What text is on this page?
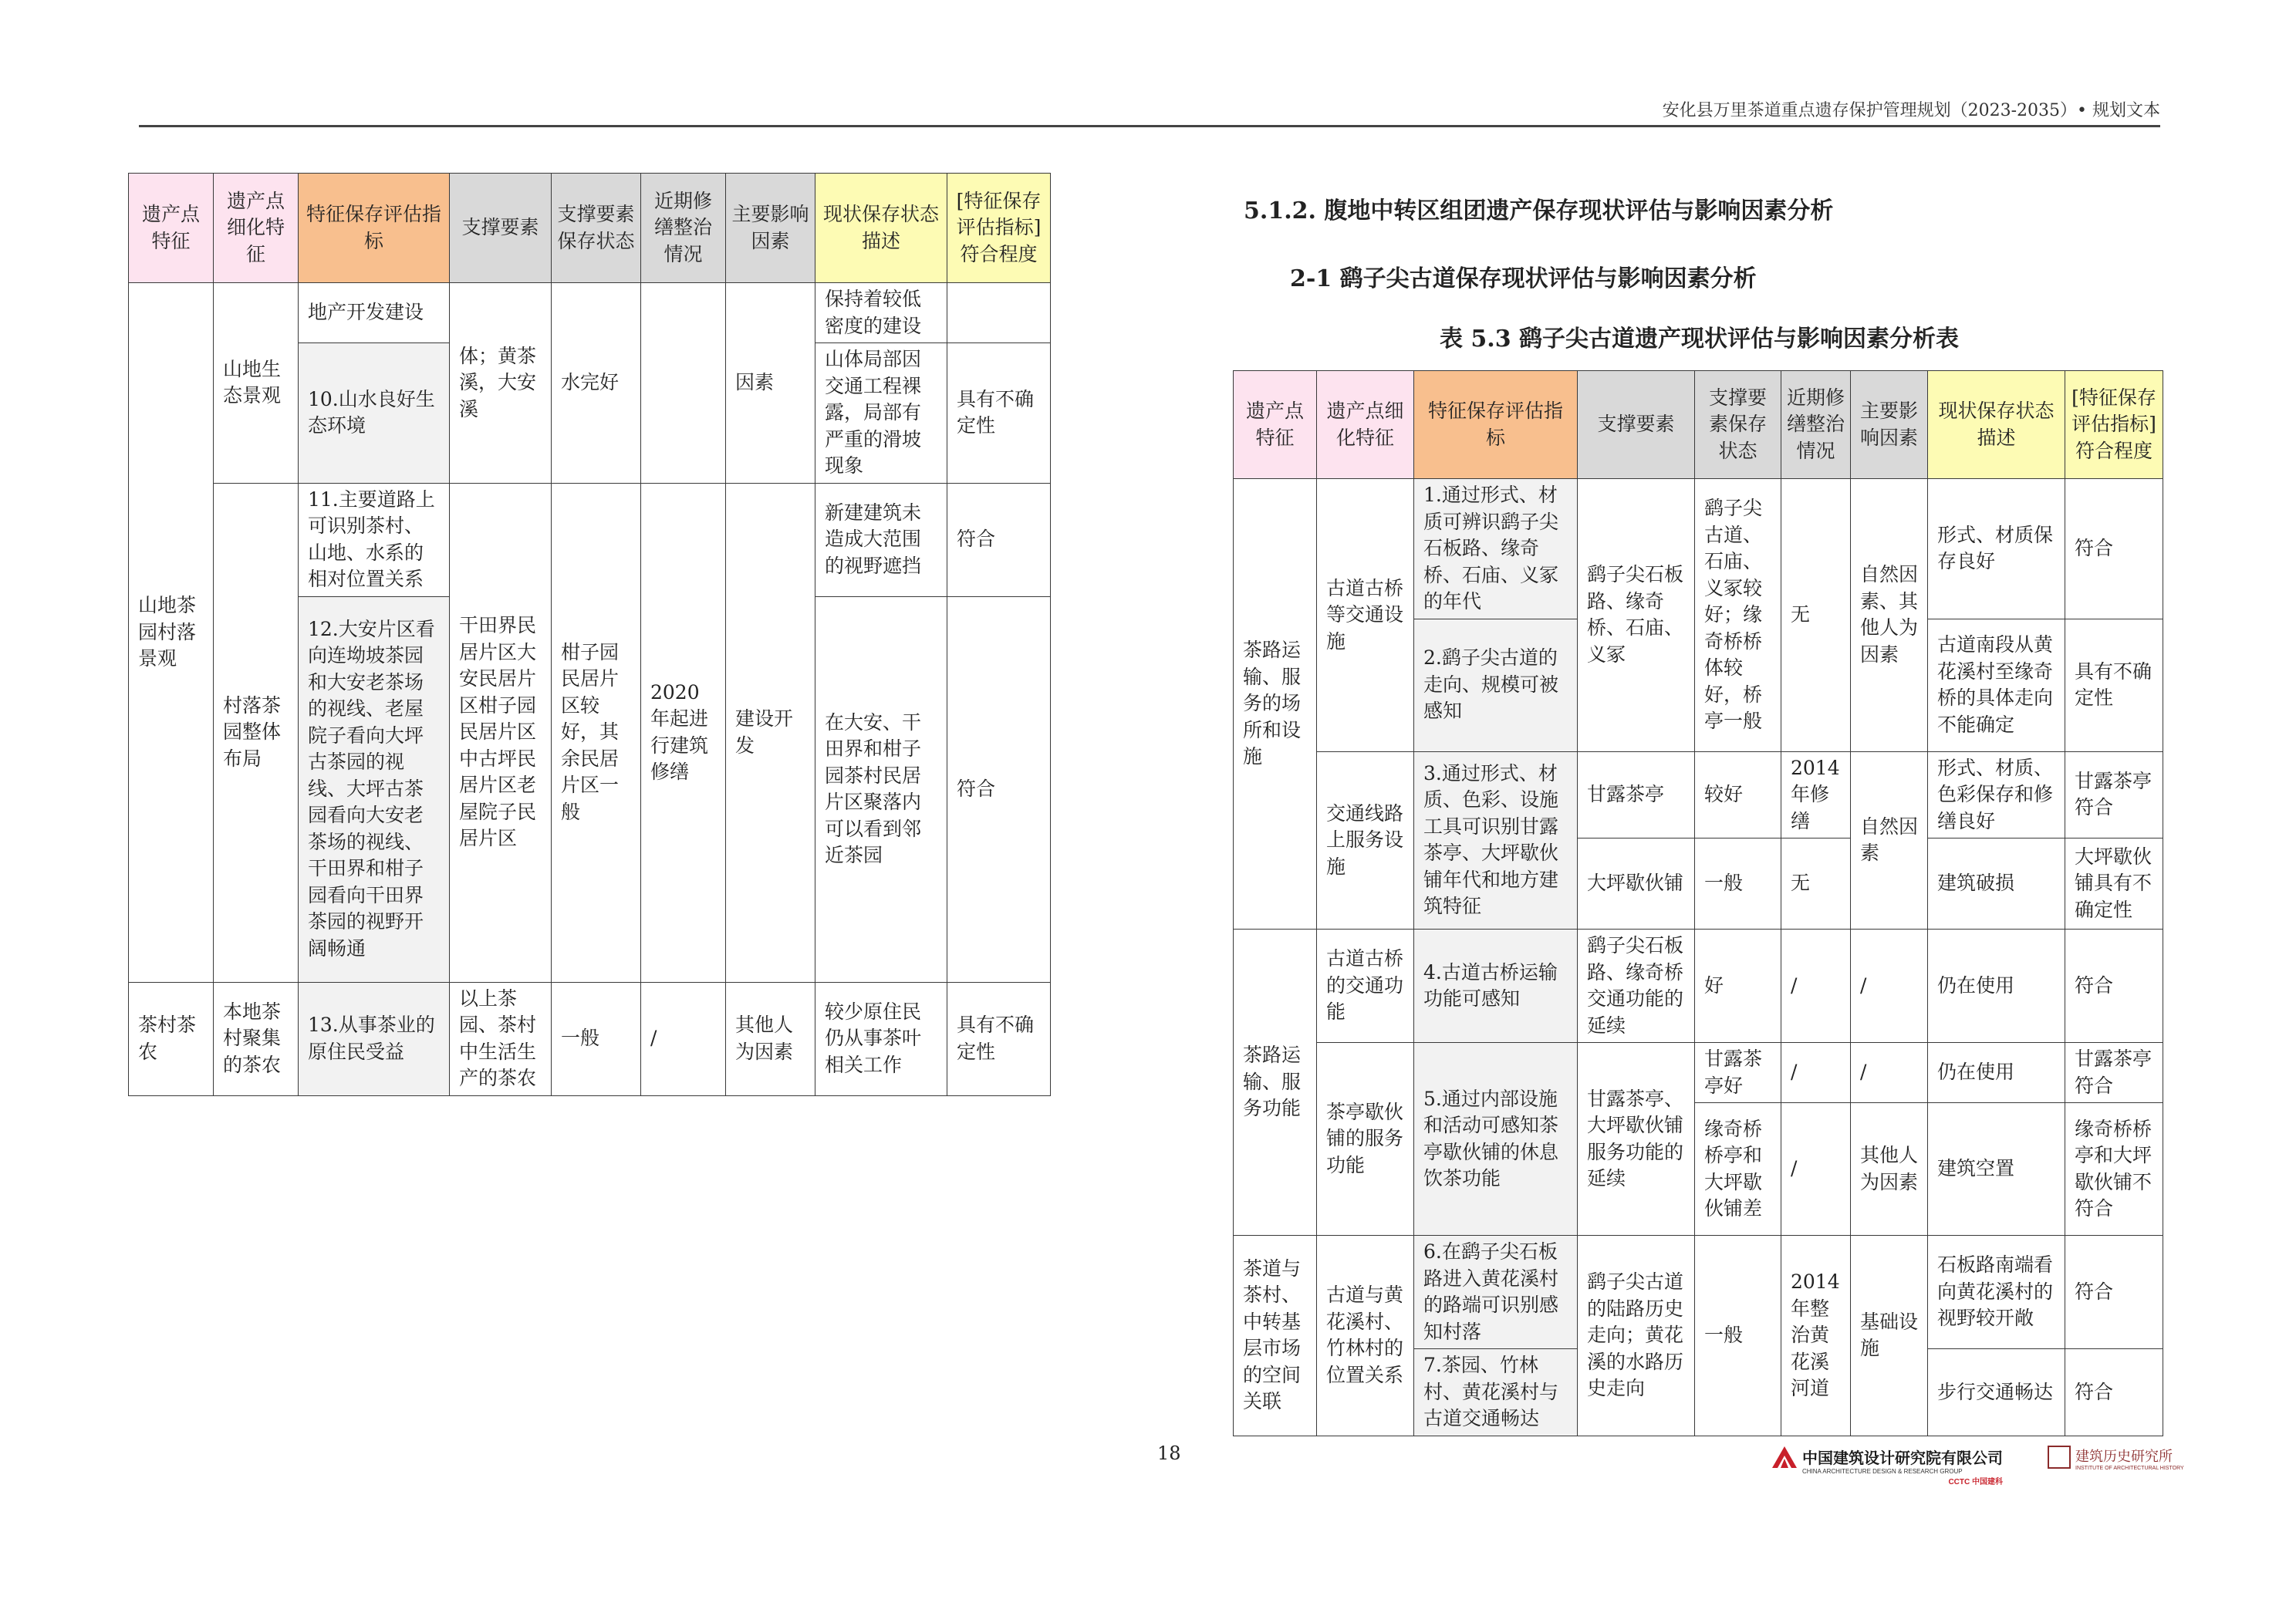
安化县万里茶道重点遗存保护管理规划（2023-2035）• 规划文本
遗产点特征	遗产点细化特征	特征保存评估指标	支撑要素	支撑要素保存状态	近期修缮整治情况	主要影响因素	现状保存状态描述	[特征保存评估指标]符合程度
山地茶园村落景观	山地生态景观	地产开发建设	体；黄茶溪，大安溪	水完好		因素	保持着较低密度的建设	
		10.山水良好生态环境					山体局部因交通工程裸露，局部有严重的滑坡现象	具有不确定性
	村落茶园整体布局	11.主要道路上可识别茶村、山地、水系的相对位置关系	干田界民居片区大安民居片区柑子园民居片区中古坪民居片区老屋院子民居片区	柑子园民居片区较好，其余民居片区一般	2020年起进行建筑修缮	建设开发	新建建筑未造成大范围的视野遮挡	符合
		12.大安片区看向连坳坡茶园和大安老茶场的视线、老屋院子看向大坪古茶园的视线、大坪古茶园看向大安老茶场的视线、干田界和柑子园看向干田界茶园的视野开阔畅通					在大安、干田界和柑子园茶村民居片区聚落内可以看到邻近茶园	符合
茶村茶农	本地茶村聚集的茶农	13.从事茶业的原住民受益	以上茶园、茶村中生活生产的茶农	一般	/	其他人为因素	较少原住民仍从事茶叶相关工作	具有不确定性
5.1.2. 腹地中转区组团遗产保存现状评估与影响因素分析
2-1 鹞子尖古道保存现状评估与影响因素分析
表 5.3 鹞子尖古道遗产现状评估与影响因素分析表
遗产点特征	遗产点细化特征	特征保存评估指标	支撑要素	支撑要素保存状态	近期修缮整治情况	主要影响因素	现状保存状态描述	[特征保存评估指标]符合程度
茶路运输、服务的场所和设施	古道古桥等交通设施	1.通过形式、材质可辨识鹞子尖石板路、缘奇桥、石庙、义冢的年代	鹞子尖石板路、缘奇桥、石庙、义冢	鹞子尖古道、石庙、义冢较好；缘奇桥桥体较好，桥亭一般	无	自然因素、其他人为因素	形式、材质保存良好	符合
		2.鹞子尖古道的走向、规模可被感知					古道南段从黄花溪村至缘奇桥的具体走向不能确定	具有不确定性
	交通线路上服务设施	3.通过形式、材质、色彩、设施工具可识别甘露茶亭、大坪歇伙铺年代和地方建筑特征	甘露茶亭	较好	2014年修缮	自然因素	形式、材质、色彩保存和修缮良好	甘露茶亭符合
			大坪歇伙铺	一般	无		建筑破损	大坪歇伙铺具有不确定性
茶路运输、服务功能	古道古桥的交通功能	4.古道古桥运输功能可感知	鹞子尖石板路、缘奇桥交通功能的延续	好	/	/	仍在使用	符合
	茶亭歇伙铺的服务功能	5.通过内部设施和活动可感知茶亭歇伙铺的休息饮茶功能	甘露茶亭、大坪歇伙铺服务功能的延续	甘露茶亭好	/	/	仍在使用	甘露茶亭符合
				缘奇桥桥亭和大坪歇伙铺差	/	其他人为因素	建筑空置	缘奇桥桥亭和大坪歇伙铺不符合
茶道与茶村、中转基层市场的空间关联	古道与黄花溪村、竹林村的位置关系	6.在鹞子尖石板路进入黄花溪村的路端可识别感知村落	鹞子尖古道的陆路历史走向；黄花溪的水路历史走向	一般	2014年整治黄花溪河道	基础设施	石板路南端看向黄花溪村的视野较开敞	符合
		7.茶园、竹林村、黄花溪村与古道交通畅达					步行交通畅达	符合
18	中国建筑设计研究院有限公司
CHINA ARCHITECTURE DESIGN & RESEARCH GROUP
CCTC 中国建科
建筑历史研究所
INSTITUTE OF ARCHITECTURAL HISTORY
